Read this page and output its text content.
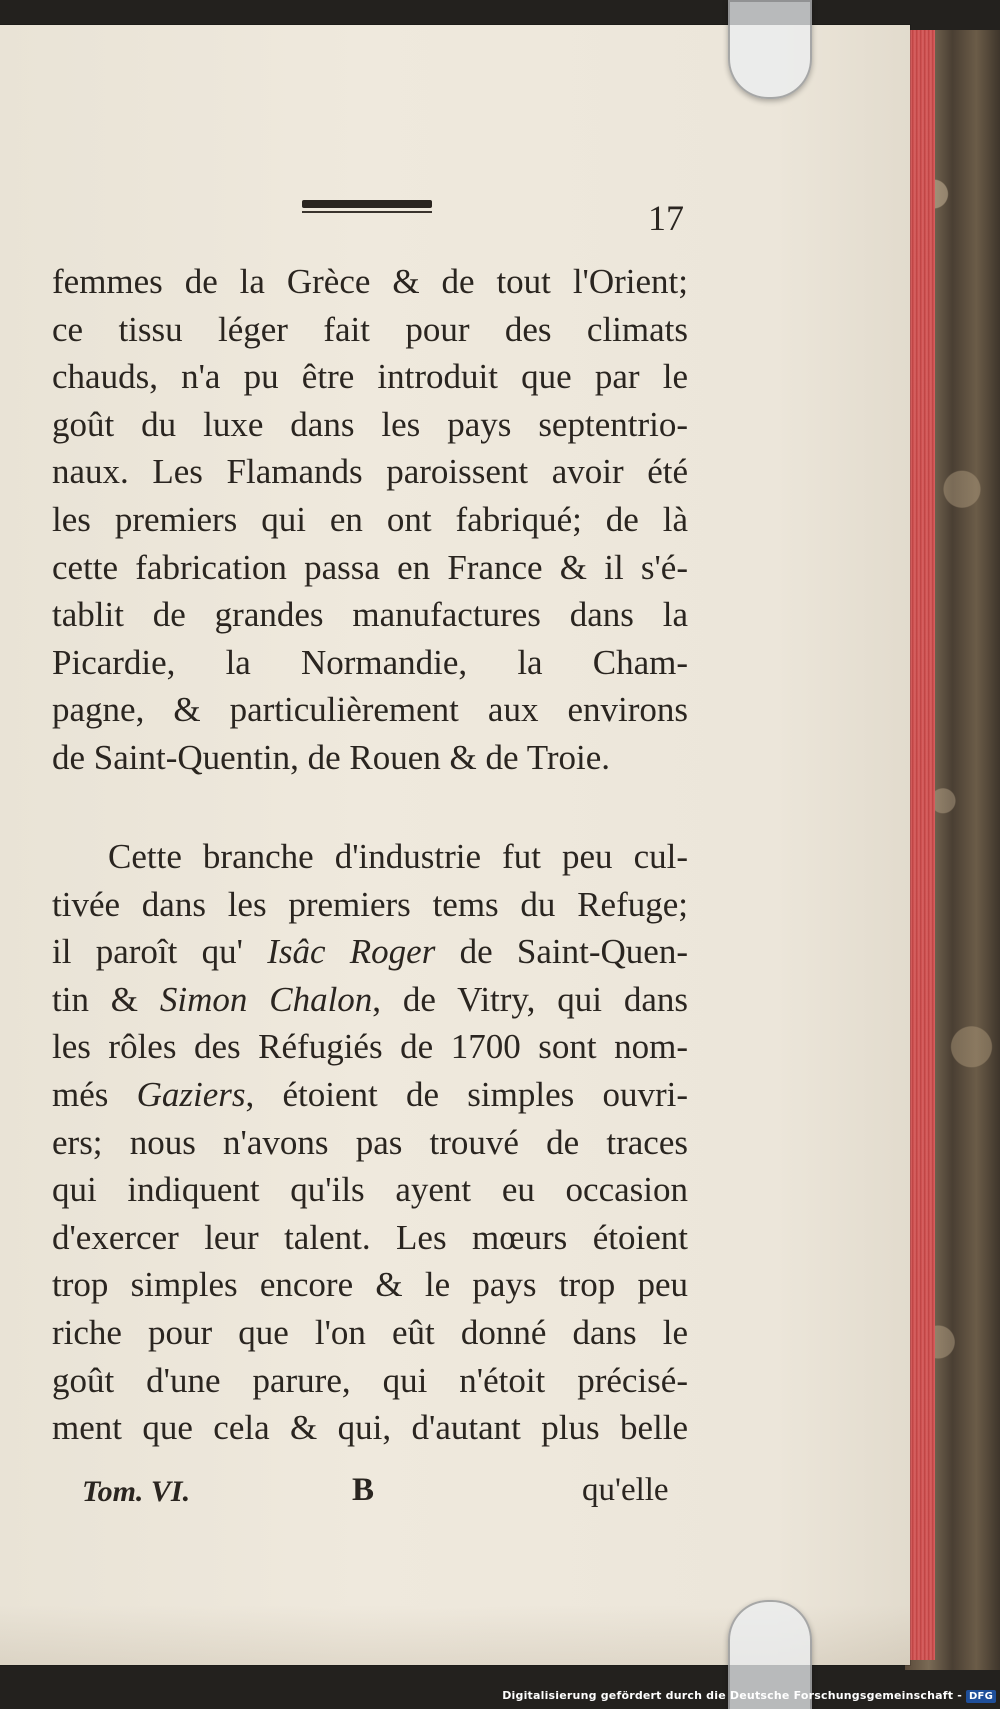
17
femmes de la Grèce & de tout l'Orient;
ce tissu léger fait pour des climats
chauds, n'a pu être introduit que par le
goût du luxe dans les pays septentrio-
naux. Les Flamands paroissent avoir été
les premiers qui en ont fabriqué; de là
cette fabrication passa en France & il s'é-
tablit de grandes manufactures dans la
Picardie, la Normandie, la Cham-
pagne, & particulièrement aux environs
de Saint-Quentin, de Rouen & de Troie.
Cette branche d'industrie fut peu cul-
tivée dans les premiers tems du Refuge;
il paroît qu' Isâc Roger de Saint-Quen-
tin & Simon Chalon, de Vitry, qui dans
les rôles des Réfugiés de 1700 sont nom-
més Gaziers, étoient de simples ouvri-
ers; nous n'avons pas trouvé de traces
qui indiquent qu'ils ayent eu occasion
d'exercer leur talent. Les mœurs étoient
trop simples encore & le pays trop peu
riche pour que l'on eût donné dans le
goût d'une parure, qui n'étoit précisé-
ment que cela & qui, d'autant plus belle
Tom. VI.	B	qu'elle
Digitalisierung gefördert durch die Deutsche Forschungsgemeinschaft - DFG
